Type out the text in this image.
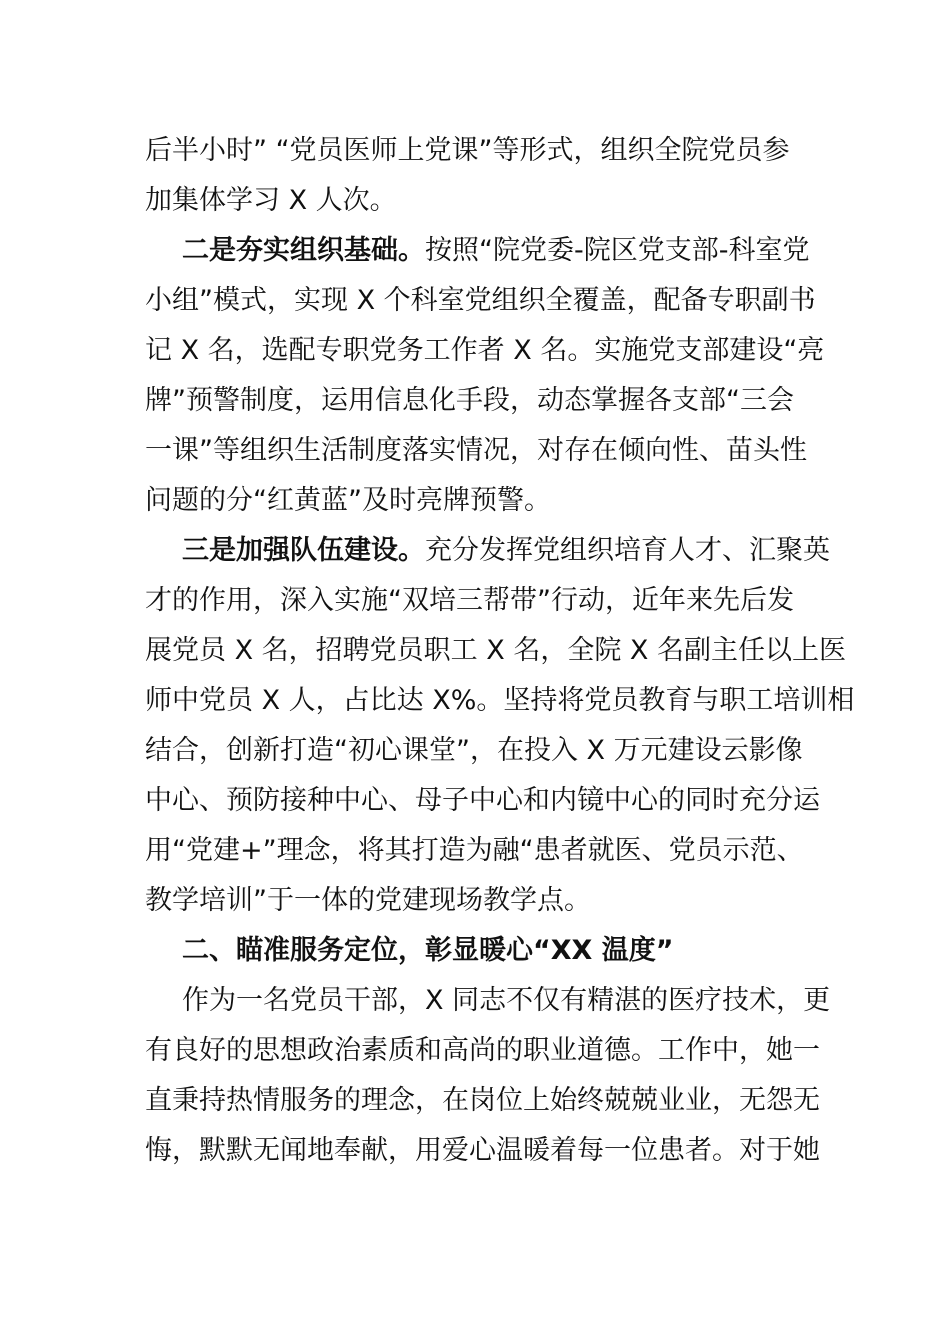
后半小时” “党员医师上党课”等形式，组织全院党员参
加集体学习 X 人次。
二是夯实组织基础。按照“院党委-院区党支部-科室党
小组”模式，实现 X 个科室党组织全覆盖，配备专职副书
记 X 名，选配专职党务工作者 X 名。实施党支部建设“亮
牌”预警制度，运用信息化手段，动态掌握各支部“三会
一课”等组织生活制度落实情况，对存在倾向性、苗头性
问题的分“红黄蓝”及时亮牌预警。
三是加强队伍建设。充分发挥党组织培育人才、汇聚英
才的作用，深入实施“双培三帮带”行动，近年来先后发
展党员 X 名，招聘党员职工 X 名，全院 X 名副主任以上医
师中党员 X 人，占比达 X%。坚持将党员教育与职工培训相
结合，创新打造“初心课堂”，在投入 X 万元建设云影像
中心、预防接种中心、母子中心和内镜中心的同时充分运
用“党建+”理念，将其打造为融“患者就医、党员示范、
教学培训”于一体的党建现场教学点。
二、瞄准服务定位，彰显暖心“XX 温度”
作为一名党员干部，X 同志不仅有精湛的医疗技术，更
有良好的思想政治素质和高尚的职业道德。工作中，她一
直秉持热情服务的理念，在岗位上始终兢兢业业，无怨无
悔，默默无闻地奉献，用爱心温暖着每一位患者。对于她
